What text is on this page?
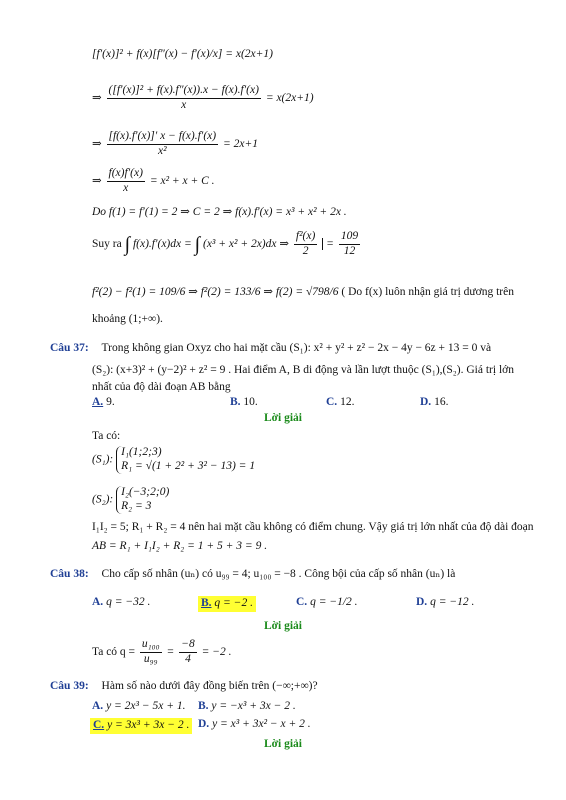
[f′(x)]² + f(x)[f″(x) − f′(x)/x] = x(2x+1)
⇒ $\frac{\text{([f′(x)]² + f(x).f″(x)).x − f(x).f′(x)}}{x} = x(2x+1)$
⇒ $\frac{[f(x).f'(x)]' x - f(x).f'(x)}{\text{x²}} = 2x+1$
⇒ $\frac{f(x)f'(x)}{x} = x^2 + x + C$ .
Do f(1) = f′(1) = 2 ⇒ C = 2 ⇒ f(x).f′(x) = x³ + x² + 2x .
Suy ra ∫ f(x).f′(x)dx = ∫ (x³ + x² + 2x)dx ⇒ $\frac{\text{f²(x)}}{2} = \frac{109}{12}$
f²(2) − f²(1) = 109/6 ⇒ f²(2) = 133/6 ⇒ f(2) = √798/6 ( Do f(x) luôn nhận giá trị dương trên
khoảng (1;+∞).
Câu 37: Trong không gian Oxyz cho hai mặt cầu (S₁): x² + y² + z² − 2x − 4y − 6z + 13 = 0 và
(S₂): (x+3)² + (y−2)² + z² = 9 . Hai điểm A, B di động và lần lượt thuộc (S₁),(S₂). Giá trị lớn
nhất của độ dài đoạn AB bằng
A. 9.	B. 10.	C. 12.	D. 16.
Lời giải
Ta có:
(S₁):
I₁(1;2;3)
R₁ = √(1 + 2² + 3² − 13) = 1
(S₂):
I₂(−3;2;0)
R₂ = 3
I₁I₂ = 5; R₁ + R₂ = 4 nên hai mặt cầu không có điểm chung. Vậy giá trị lớn nhất của độ dài đoạn
AB = R₁ + I₁I₂ + R₂ = 1 + 5 + 3 = 9 .
Câu 38: Cho cấp số nhân (uₙ) có u₉₉ = 4; u₁₀₀ = −8 . Công bội của cấp số nhân (uₙ) là
A. q = −32 .	B. q = −2 .	C. q = −1/2 .	D. q = −12 .
Lời giải
Ta có $q = \frac{\text{u₁₀₀}}{\text{u₉₉}} = \frac{-8}{4} = -2$ .
Câu 39: Hàm số nào dưới đây đồng biến trên (−∞;+∞)?
A. y = 2x³ − 5x + 1. B. y = −x³ + 3x − 2 .
C. y = 3x³ + 3x − 2 . D. y = x³ + 3x² − x + 2 .
Lời giải
